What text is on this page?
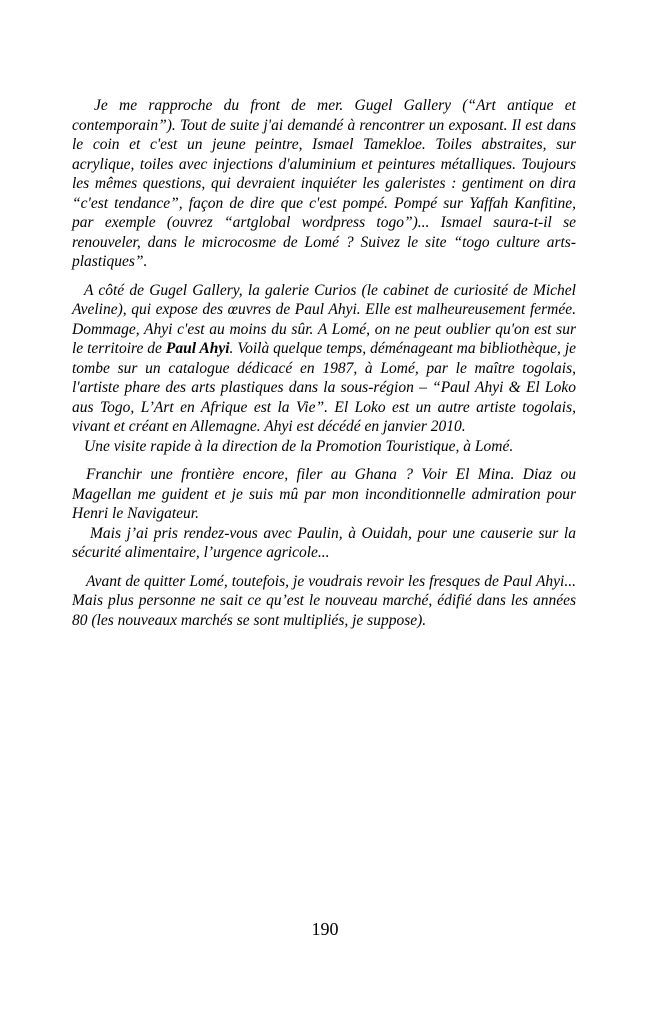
Je me rapproche du front de mer. Gugel Gallery (“Art antique et contemporain”). Tout de suite j'ai demandé à rencontrer un exposant. Il est dans le coin et c'est un jeune peintre, Ismael Tamekloe. Toiles abstraites, sur acrylique, toiles avec injections d'aluminium et peintures métalliques. Toujours les mêmes questions, qui devraient inquiéter les galeristes : gentiment on dira “c'est tendance”, façon de dire que c'est pompé. Pompé sur Yaffah Kanfitine, par exemple (ouvrez “artglobal wordpress togo”)... Ismael saura-t-il se renouveler, dans le microcosme de Lomé ? Suivez le site “togo culture arts-plastiques”.

A côté de Gugel Gallery, la galerie Curios (le cabinet de curiosité de Michel Aveline), qui expose des œuvres de Paul Ahyi. Elle est malheureusement fermée. Dommage, Ahyi c'est au moins du sûr. A Lomé, on ne peut oublier qu'on est sur le territoire de Paul Ahyi. Voilà quelque temps, déménageant ma bibliothèque, je tombe sur un catalogue dédicacé en 1987, à Lomé, par le maître togolais, l'artiste phare des arts plastiques dans la sous-région – “Paul Ahyi & El Loko aus Togo, L’Art en Afrique est la Vie”. El Loko est un autre artiste togolais, vivant et créant en Allemagne. Ahyi est décédé en janvier 2010.

Une visite rapide à la direction de la Promotion Touristique, à Lomé.

Franchir une frontière encore, filer au Ghana ? Voir El Mina. Diaz ou Magellan me guident et je suis mû par mon inconditionnelle admiration pour Henri le Navigateur.

Mais j’ai pris rendez-vous avec Paulin, à Ouidah, pour une causerie sur la sécurité alimentaire, l’urgence agricole...

Avant de quitter Lomé, toutefois, je voudrais revoir les fresques de Paul Ahyi... Mais plus personne ne sait ce qu’est le nouveau marché, édifié dans les années 80 (les nouveaux marchés se sont multipliés, je suppose).

190
